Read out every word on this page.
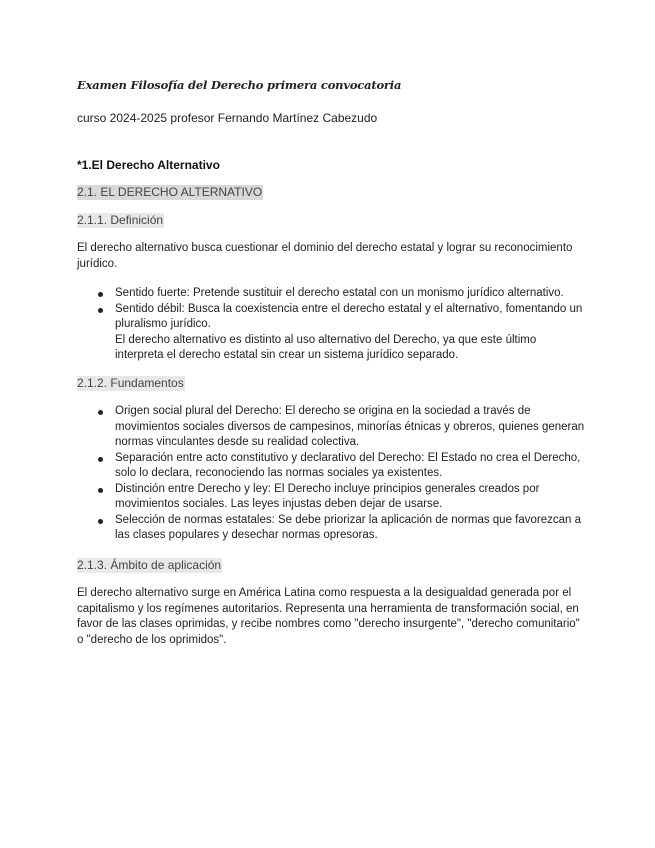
Examen Filosofía del Derecho primera convocatoria
curso 2024-2025 profesor Fernando Martínez Cabezudo
*1.El Derecho Alternativo
2.1. EL DERECHO ALTERNATIVO
2.1.1. Definición
El derecho alternativo busca cuestionar el dominio del derecho estatal y lograr su reconocimiento jurídico.
Sentido fuerte: Pretende sustituir el derecho estatal con un monismo jurídico alternativo.
Sentido débil: Busca la coexistencia entre el derecho estatal y el alternativo, fomentando un pluralismo jurídico.
El derecho alternativo es distinto al uso alternativo del Derecho, ya que este último interpreta el derecho estatal sin crear un sistema jurídico separado.
2.1.2. Fundamentos
Origen social plural del Derecho: El derecho se origina en la sociedad a través de movimientos sociales diversos de campesinos, minorías étnicas y obreros, quienes generan normas vinculantes desde su realidad colectiva.
Separación entre acto constitutivo y declarativo del Derecho: El Estado no crea el Derecho, solo lo declara, reconociendo las normas sociales ya existentes.
Distinción entre Derecho y ley: El Derecho incluye principios generales creados por movimientos sociales. Las leyes injustas deben dejar de usarse.
Selección de normas estatales: Se debe priorizar la aplicación de normas que favorezcan a las clases populares y desechar normas opresoras.
2.1.3. Ámbito de aplicación
El derecho alternativo surge en América Latina como respuesta a la desigualdad generada por el capitalismo y los regímenes autoritarios. Representa una herramienta de transformación social, en favor de las clases oprimidas, y recibe nombres como "derecho insurgente", "derecho comunitario" o "derecho de los oprimidos".
